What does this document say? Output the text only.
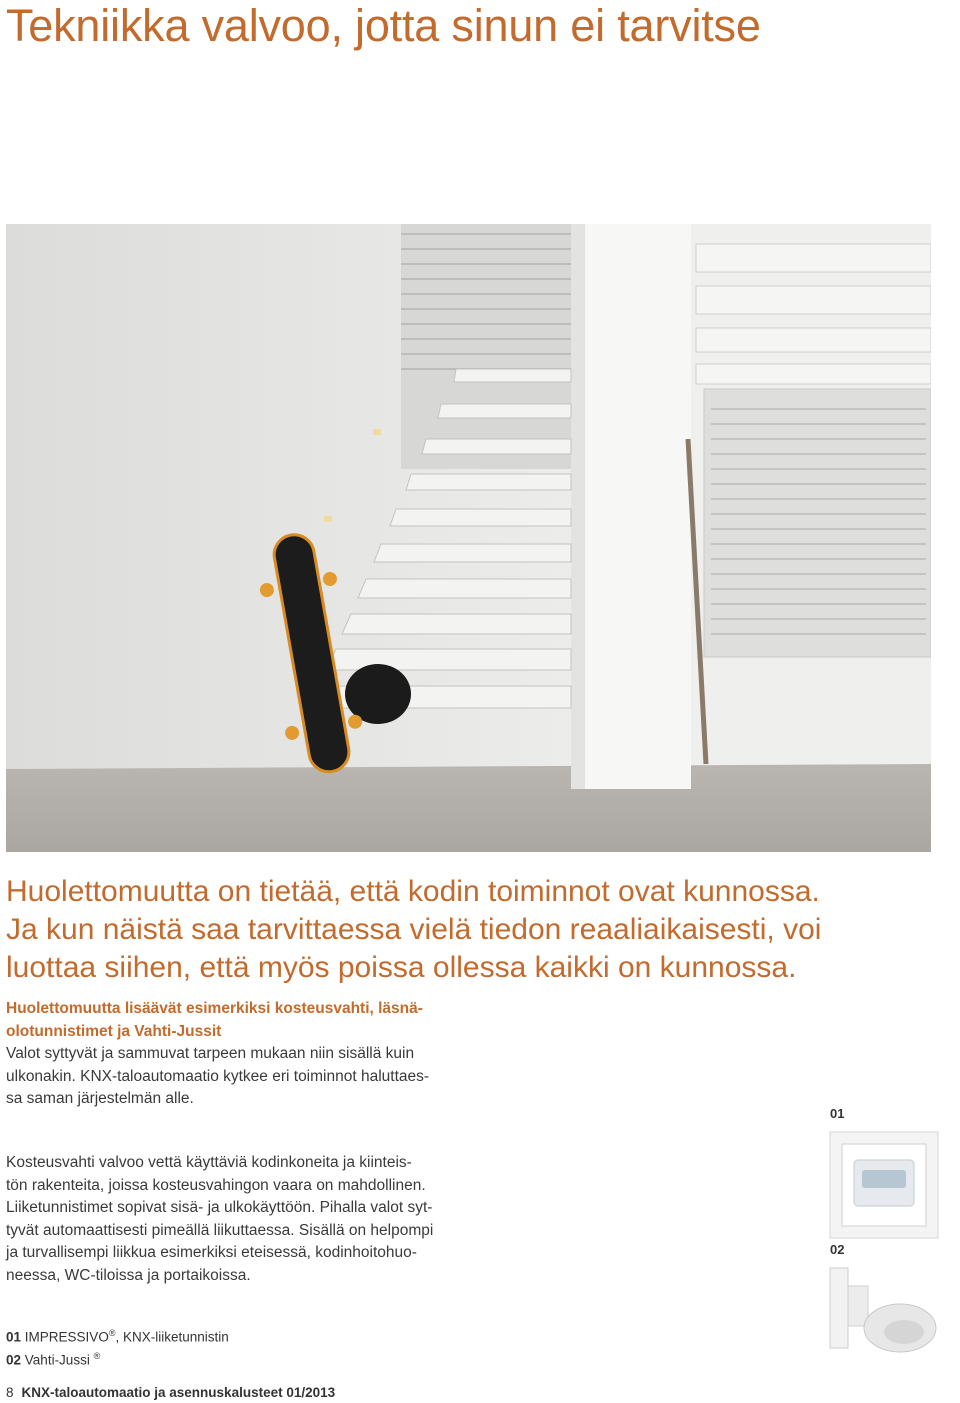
Tekniikka valvoo, jotta sinun ei tarvitse
Huolettomuutta on tietää, että kodin toiminnot ovat kunnossa.
Ja kun näistä saa tarvittaessa vielä tiedon reaaliaikaisesti, voi
luottaa siihen, että myös poissa ollessa kaikki on kunnossa.
Huolettomuutta lisäävät esimerkiksi kosteusvahti, läsnä-
olotunnistimet ja Vahti-Jussit
Valot syttyvät ja sammuvat tarpeen mukaan niin sisällä kuin
ulkonakin. KNX-taloautomaatio kytkee eri toiminnot haluttaes-
sa saman järjestelmän alle.
Kosteusvahti valvoo vettä käyttäviä kodinkoneita ja kiinteis-
tön rakenteita, joissa kosteusvahingon vaara on mahdollinen.
Liiketunnistimet sopivat sisä- ja ulkokäyttöön. Pihalla valot syt-
tyvät automaattisesti pimeällä liikuttaessa. Sisällä on helpompi
ja turvallisempi liikkua esimerkiksi eteisessä, kodinhoitohuo-
neessa, WC-tiloissa ja portaikoissa.
01
02
01 IMPRESSIVO®, KNX-liiketunnistin
02 Vahti-Jussi ®
8 KNX-taloautomaatio ja asennuskalusteet 01/2013
